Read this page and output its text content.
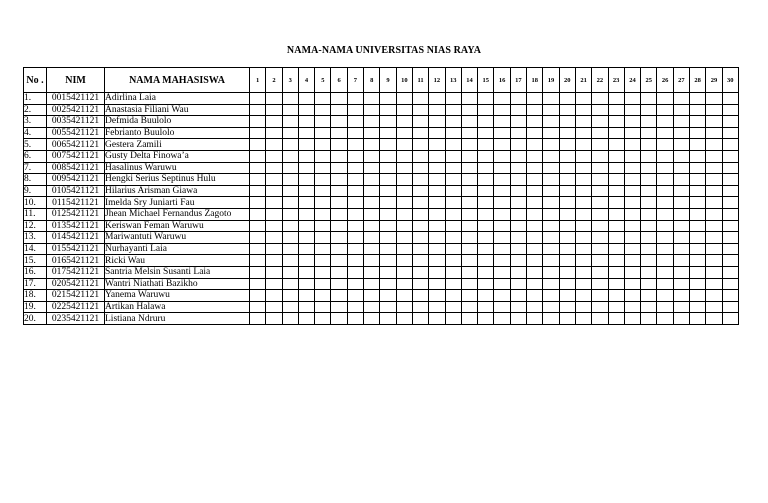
NAMA-NAMA UNIVERSITAS NIAS RAYA
No .	NIM	NAMA MAHASISWA	1	2	3	4	5	6	7	8	9	10	11	12	13	14	15	16	17	18	19	20	21	22	23	24	25	26	27	28	29	30
1.	0015421121	Adirlina Laia																														
2.	0025421121	Anastasia Filiani Wau																														
3.	0035421121	Defmida Buulolo																														
4.	0055421121	Febrianto Buulolo																														
5.	0065421121	Gestera Zamili																														
6.	0075421121	Gusty Delta Finowa’a																														
7.	0085421121	Hasalinus Waruwu																														
8.	0095421121	Hengki Serius Septinus Hulu																														
9.	0105421121	Hilarius Arisman Giawa																														
10.	0115421121	Imelda Sry Juniarti Fau																														
11.	0125421121	Jhean Michael Fernandus Zagoto																														
12.	0135421121	Keriswan Feman Waruwu																														
13.	0145421121	Mariwantuti Waruwu																														
14.	0155421121	Nurhayanti Laia																														
15.	0165421121	Ricki Wau																														
16.	0175421121	Santria Melsin Susanti Laia																														
17.	0205421121	Wantri Niathati Bazikho																														
18.	0215421121	Yanema Waruwu																														
19.	0225421121	Artikan Halawa																														
20.	0235421121	Listiana Ndruru																														
